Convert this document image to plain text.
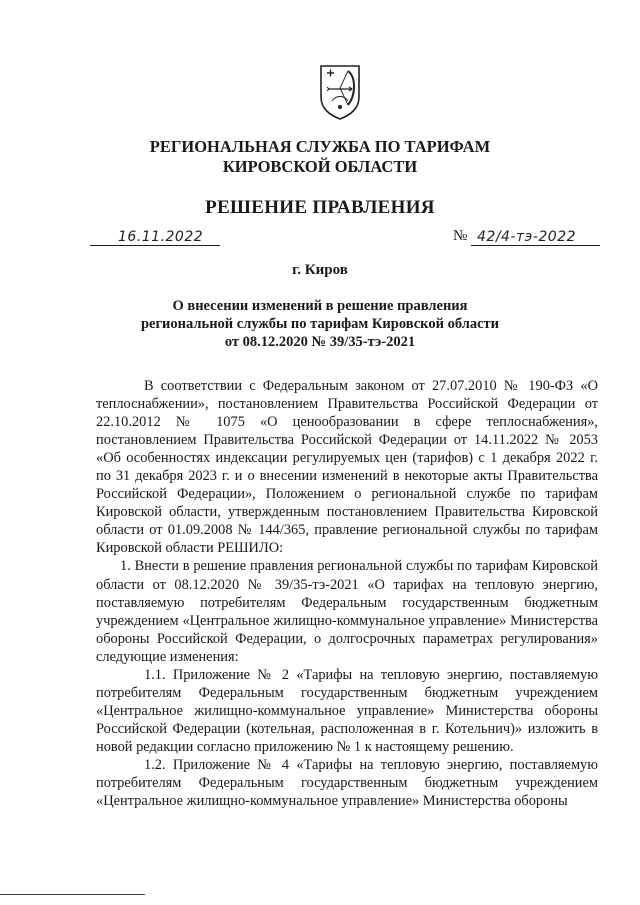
РЕГИОНАЛЬНАЯ СЛУЖБА ПО ТАРИФАМ
КИРОВСКОЙ ОБЛАСТИ
РЕШЕНИЕ ПРАВЛЕНИЯ
16.11.2022	№ 42/4-тэ-2022
г. Киров
О внесении изменений в решение правления
региональной службы по тарифам Кировской области
от 08.12.2020 № 39/35-тэ-2021

В соответствии с Федеральным законом от 27.07.2010 № 190-ФЗ «О теплоснабжении», постановлением Правительства Российской Федерации от 22.10.2012 № 1075 «О ценообразовании в сфере теплоснабжения», постановлением Правительства Российской Федерации от 14.11.2022 № 2053 «Об особенностях индексации регулируемых цен (тарифов) с 1 декабря 2022 г. по 31 декабря 2023 г. и о внесении изменений в некоторые акты Правительства Российской Федерации», Положением о региональной службе по тарифам Кировской области, утвержденным постановлением Правительства Кировской области от 01.09.2008 № 144/365, правление региональной службы по тарифам Кировской области РЕШИЛО:

1. Внести в решение правления региональной службы по тарифам Кировской области от 08.12.2020 № 39/35-тэ-2021 «О тарифах на тепловую энергию, поставляемую потребителям Федеральным государственным бюджетным учреждением «Центральное жилищно-коммунальное управление» Министерства обороны Российской Федерации, о долгосрочных параметрах регулирования» следующие изменения:

1.1. Приложение № 2 «Тарифы на тепловую энергию, поставляемую потребителям Федеральным государственным бюджетным учреждением «Центральное жилищно-коммунальное управление» Министерства обороны Российской Федерации (котельная, расположенная в г. Котельнич)» изложить в новой редакции согласно приложению № 1 к настоящему решению.

1.2. Приложение № 4 «Тарифы на тепловую энергию, поставляемую потребителям Федеральным государственным бюджетным учреждением «Центральное жилищно-коммунальное управление» Министерства обороны
